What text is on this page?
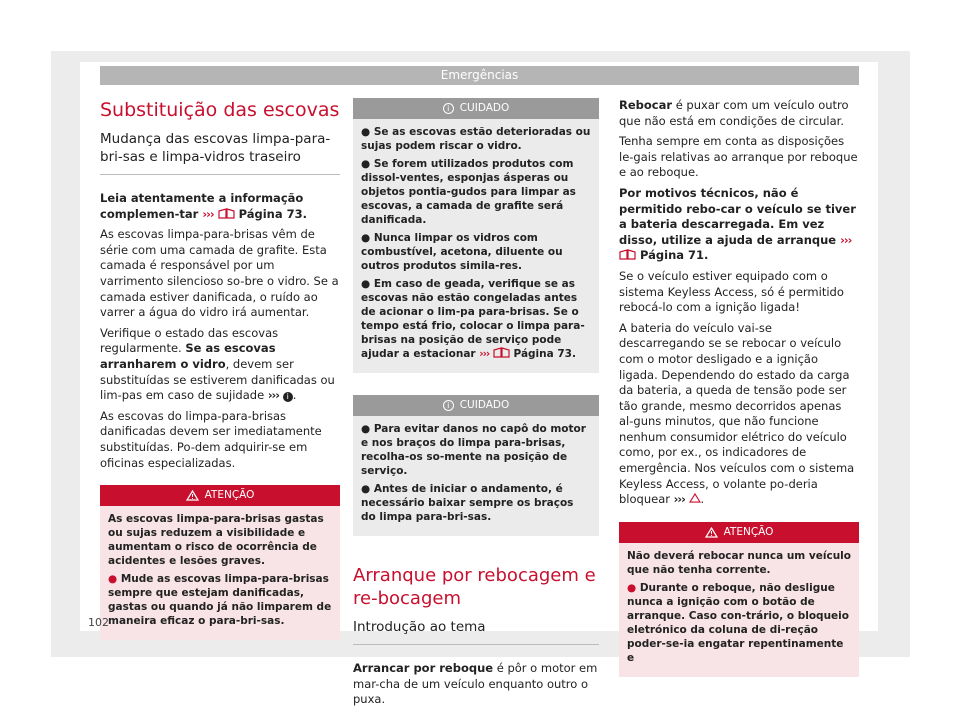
Emergências
Substituição das escovas
Mudança das escovas limpa-para-bri-sas e limpa-vidros traseiro

Leia atentamente a informação complemen-tar ››› Página 73.

As escovas limpa-para-brisas vêm de série com uma camada de grafite. Esta camada é responsável por um varrimento silencioso so-bre o vidro. Se a camada estiver danificada, o ruído ao varrer a água do vidro irá aumentar.

Verifique o estado das escovas regularmente. Se as escovas arranharem o vidro, devem ser substituídas se estiverem danificadas ou lim-pas em caso de sujidade ››› i .

As escovas do limpa-para-brisas danificadas devem ser imediatamente substituídas. Po-dem adquirir-se em oficinas especializadas.

ATENÇÃO

As escovas limpa-para-brisas gastas ou sujas reduzem a visibilidade e aumentam o risco de ocorrência de acidentes e lesões graves.

● Mude as escovas limpa-para-brisas sempre que estejam danificadas, gastas ou quando já não limparem de maneira eficaz o para-bri-sas.

i CUIDADO

● Se as escovas estão deterioradas ou sujas podem riscar o vidro.

● Se forem utilizados produtos com dissol-ventes, esponjas ásperas ou objetos pontia-gudos para limpar as escovas, a camada de grafite será danificada.

● Nunca limpar os vidros com combustível, acetona, diluente ou outros produtos simila-res.

● Em caso de geada, verifique se as escovas não estão congeladas antes de acionar o lim-pa para-brisas. Se o tempo está frio, colocar o limpa para-brisas na posição de serviço pode ajudar a estacionar ››› Página 73.

i CUIDADO

● Para evitar danos no capô do motor e nos braços do limpa para-brisas, recolha-os so-mente na posição de serviço.

● Antes de iniciar o andamento, é necessário baixar sempre os braços do limpa para-bri-sas.

Arranque por rebocagem e re-bocagem
Introdução ao tema

Arrancar por reboque é pôr o motor em mar-cha de um veículo enquanto outro o puxa.

Rebocar é puxar com um veículo outro que não está em condições de circular.

Tenha sempre em conta as disposições le-gais relativas ao arranque por reboque e ao reboque.

Por motivos técnicos, não é permitido rebo-car o veículo se tiver a bateria descarregada. Em vez disso, utilize a ajuda de arranque ›››  Página 71.

Se o veículo estiver equipado com o sistema Keyless Access, só é permitido rebocá-lo com a ignição ligada!

A bateria do veículo vai-se descarregando se se rebocar o veículo com o motor desligado e a ignição ligada. Dependendo do estado da carga da bateria, a queda de tensão pode ser tão grande, mesmo decorridos apenas al-guns minutos, que não funcione nenhum consumidor elétrico do veículo como, por ex., os indicadores de emergência. Nos veículos com o sistema Keyless Access, o volante po-deria bloquear ››› .

ATENÇÃO

Não deverá rebocar nunca um veículo que não tenha corrente.

● Durante o reboque, não desligue nunca a ignição com o botão de arranque. Caso con-trário, o bloqueio eletrónico da coluna de di-reção poder-se-ia engatar repentinamente e

102
